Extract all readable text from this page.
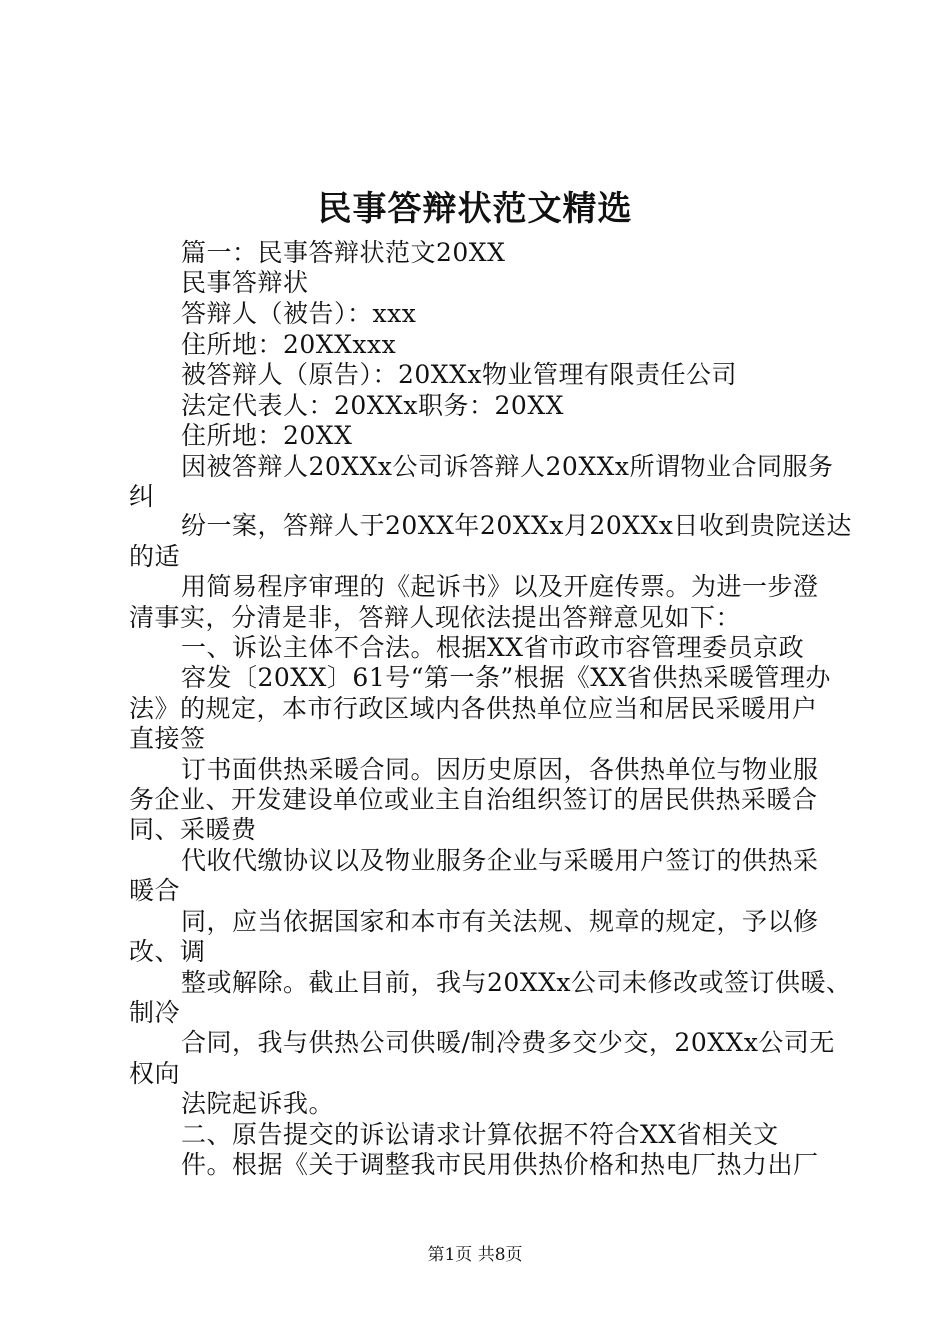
民事答辩状范文精选
篇一：民事答辩状范文20XX
民事答辩状
答辩人（被告）：xxx
住所地：20XXxxx
被答辩人（原告）：20XXx物业管理有限责任公司
法定代表人：20XXx职务：20XX
住所地：20XX
因被答辩人20XXx公司诉答辩人20XXx所谓物业合同服务
纠
纷一案，答辩人于20XX年20XXx月20XXx日收到贵院送达
的适
用简易程序审理的《起诉书》以及开庭传票。为进一步澄
清事实，分清是非，答辩人现依法提出答辩意见如下：
一、诉讼主体不合法。根据XX省市政市容管理委员京政
容发〔20XX〕61号“第一条”根据《XX省供热采暖管理办
法》的规定，本市行政区域内各供热单位应当和居民采暖用户
直接签
订书面供热采暖合同。因历史原因，各供热单位与物业服
务企业、开发建设单位或业主自治组织签订的居民供热采暖合
同、采暖费
代收代缴协议以及物业服务企业与采暖用户签订的供热采
暖合
同，应当依据国家和本市有关法规、规章的规定，予以修
改、调
整或解除。截止目前，我与20XXx公司未修改或签订供暖、
制冷
合同，我与供热公司供暖/制冷费多交少交，20XXx公司无
权向
法院起诉我。
二、原告提交的诉讼请求计算依据不符合XX省相关文
件。根据《关于调整我市民用供热价格和热电厂热力出厂
第1页 共8页
